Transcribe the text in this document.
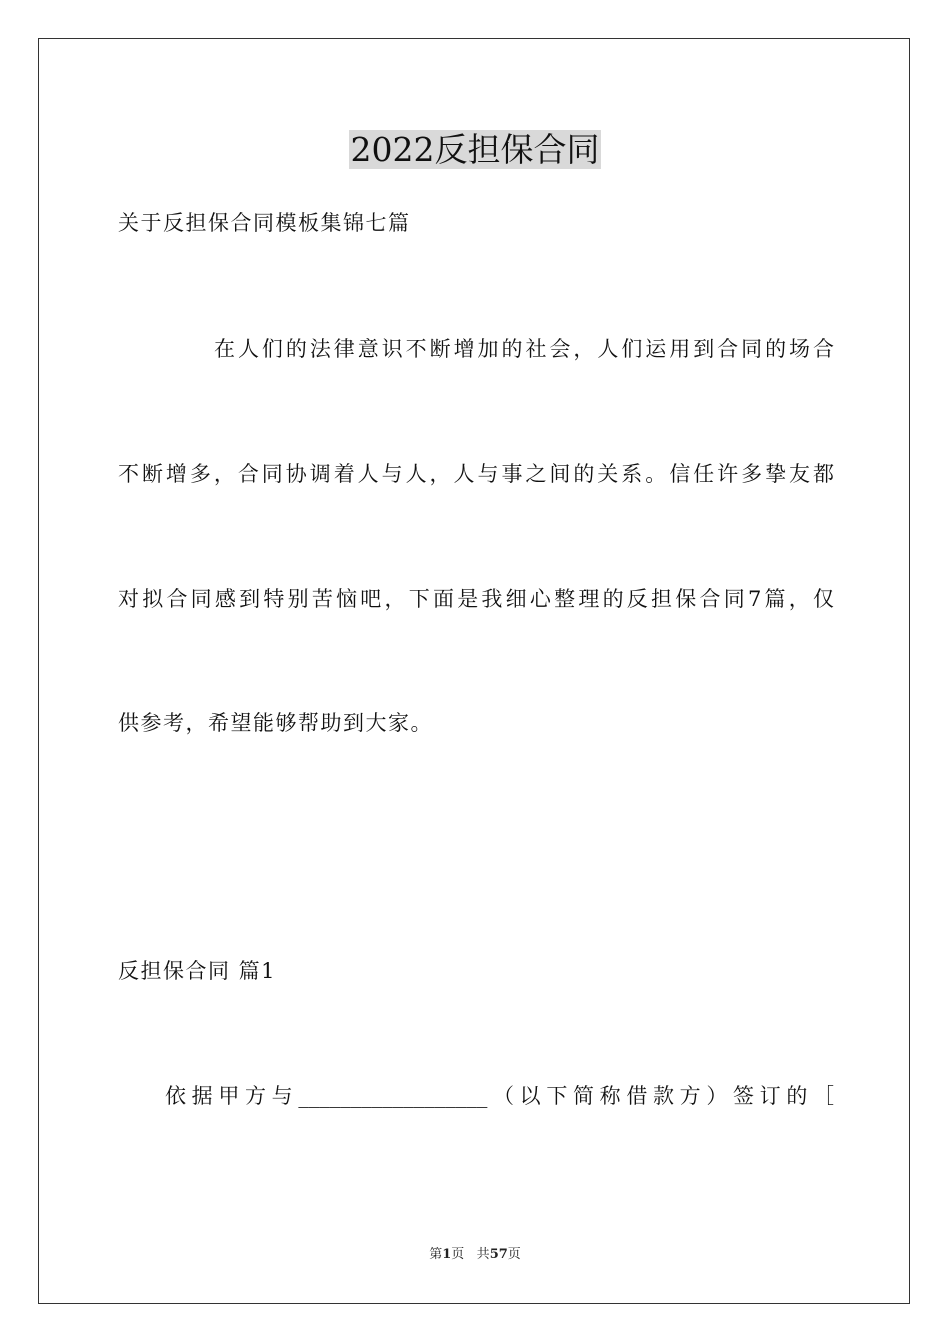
2022反担保合同
关于反担保合同模板集锦七篇
在人们的法律意识不断增加的社会，人们运用到合同的场合
不断增多，合同协调着人与人，人与事之间的关系。信任许多挚友都
对拟合同感到特别苦恼吧，下面是我细心整理的反担保合同7篇，仅
供参考，希望能够帮助到大家。
反担保合同 篇1
依据甲方与__________________（以下简称借款方）签订的［
第1页 共57页
